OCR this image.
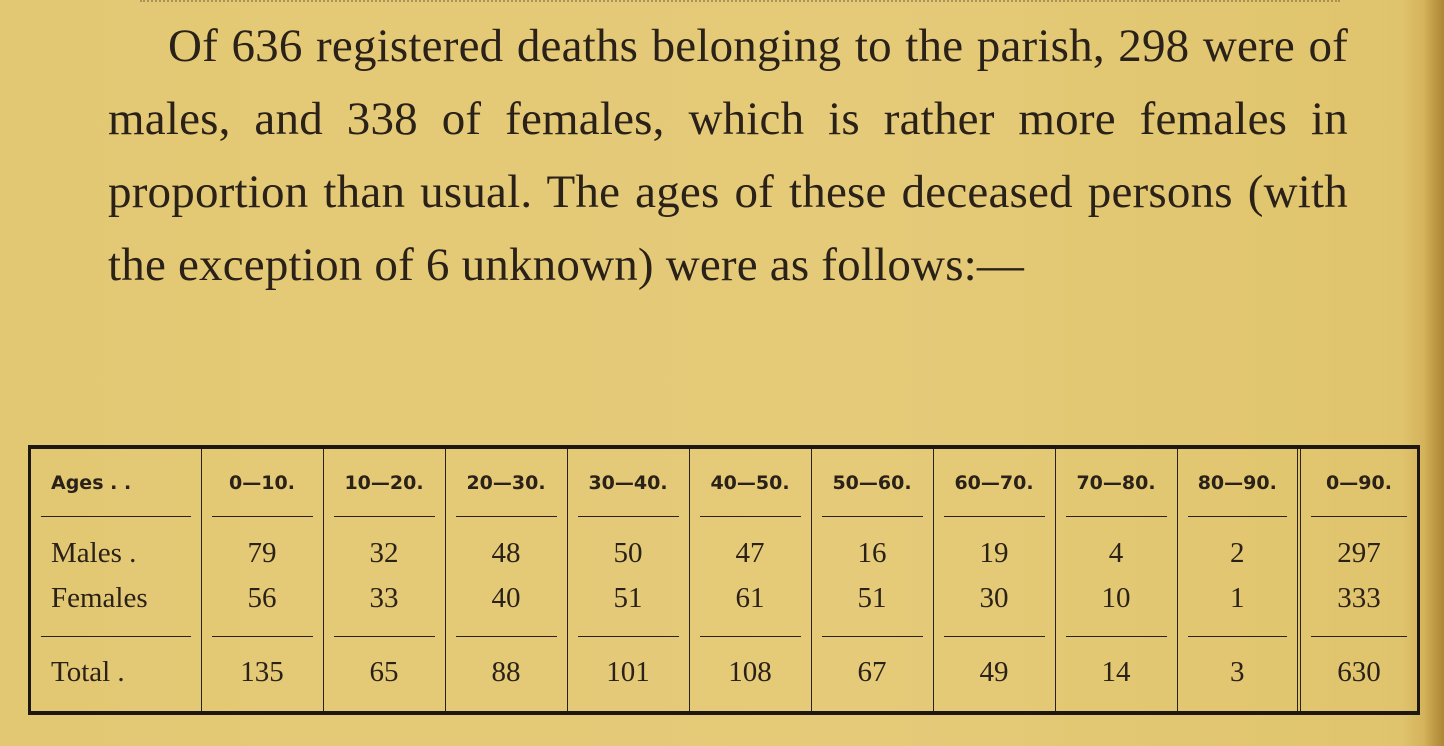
Of 636 registered deaths belonging to the parish, 298 were of males, and 338 of females, which is rather more females in proportion than usual. The ages of these deceased persons (with the exception of 6 unknown) were as follows:—

Ages . .	0—10.	10—20.	20—30.	30—40.	40—50.	50—60.	60—70.	70—80.	80—90.	0—90.

Males .	79	32	48	50	47	16	19	4	2	297
Females	56	33	40	51	61	51	30	10	1	333

Total .	135	65	88	101	108	67	49	14	3	630
